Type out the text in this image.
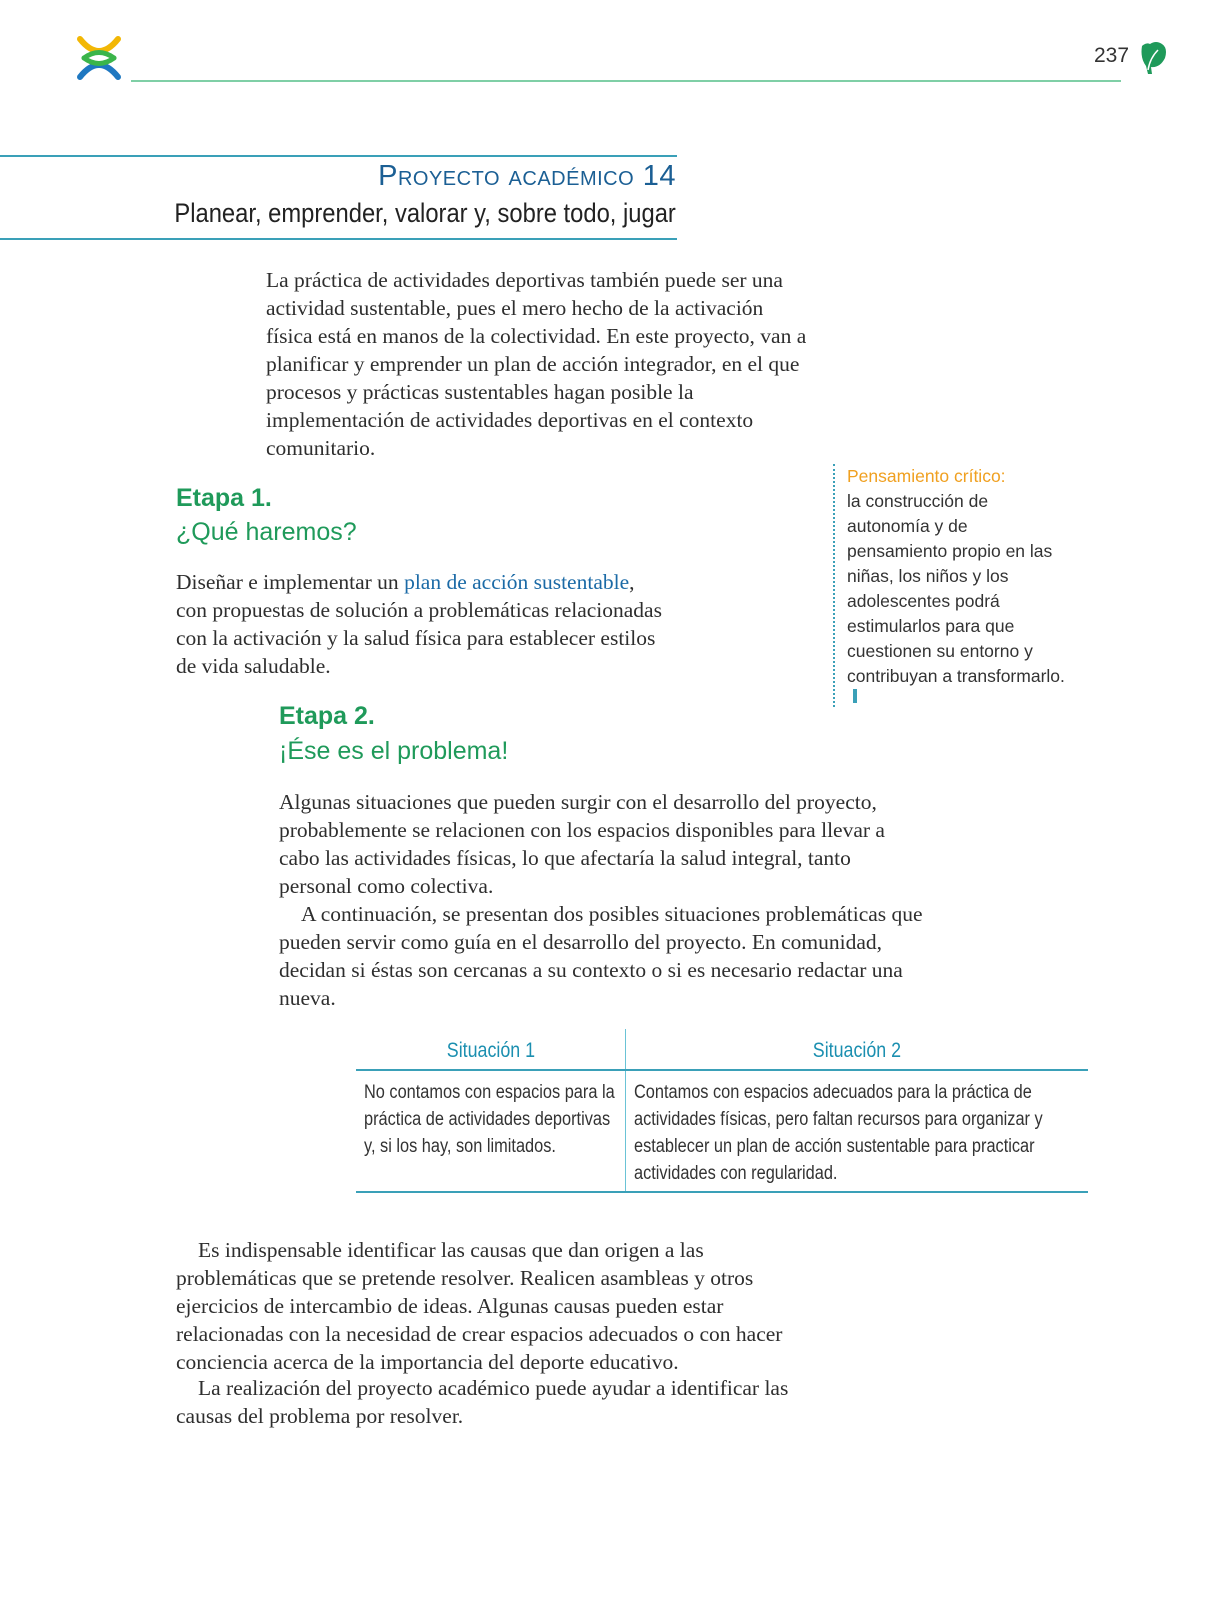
237
Proyecto académico 14
Planear, emprender, valorar y, sobre todo, jugar

La práctica de actividades deportivas también puede ser una actividad sustentable, pues el mero hecho de la activación física está en manos de la colectividad. En este proyecto, van a planificar y emprender un plan de acción integrador, en el que procesos y prácticas sustentables hagan posible la implementación de actividades deportivas en el contexto comunitario.

Etapa 1.
¿Qué haremos?

Diseñar e implementar un plan de acción sustentable, con propuestas de solución a problemáticas relacionadas con la activación y la salud física para establecer estilos de vida saludable.

Pensamiento crítico:
la construcción de autonomía y de pensamiento propio en las niñas, los niños y los adolescentes podrá estimularlos para que cuestionen su entorno y contribuyan a transformarlo.
Etapa 2.
¡Ése es el problema!

Algunas situaciones que pueden surgir con el desarrollo del proyecto, probablemente se relacionen con los espacios disponibles para llevar a cabo las actividades físicas, lo que afectaría la salud integral, tanto personal como colectiva.

A continuación, se presentan dos posibles situaciones problemáticas que pueden servir como guía en el desarrollo del proyecto. En comunidad, decidan si éstas son cercanas a su contexto o si es necesario redactar una nueva.

Situación 1	Situación 2
No contamos con espacios para la práctica de actividades deportivas y, si los hay, son limitados.	Contamos con espacios adecuados para la práctica de actividades físicas, pero faltan recursos para organizar y establecer un plan de acción sustentable para practicar actividades con regularidad.

Es indispensable identificar las causas que dan origen a las problemáticas que se pretende resolver. Realicen asambleas y otros ejercicios de intercambio de ideas. Algunas causas pueden estar relacionadas con la necesidad de crear espacios adecuados o con hacer conciencia acerca de la importancia del deporte educativo.

La realización del proyecto académico puede ayudar a identificar las causas del problema por resolver.
